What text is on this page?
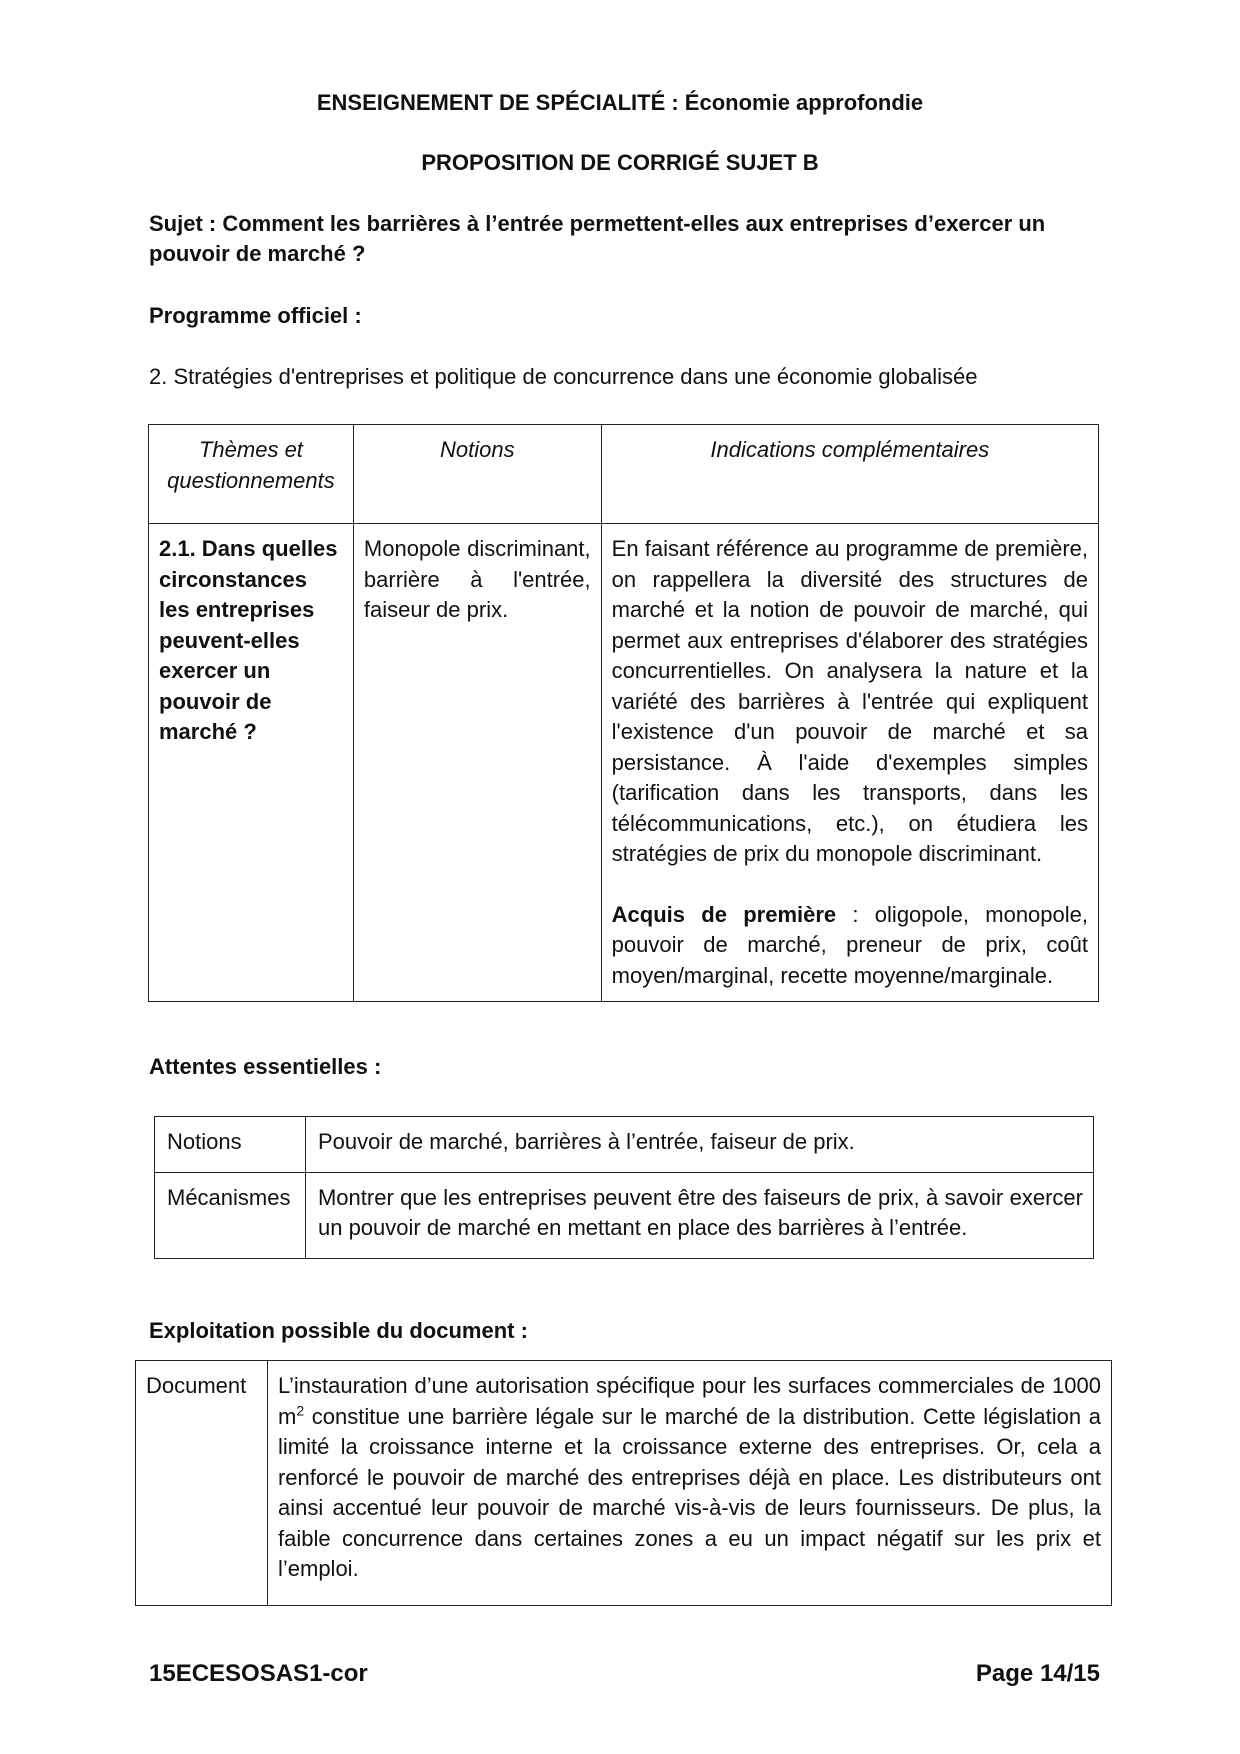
ENSEIGNEMENT DE SPÉCIALITÉ : Économie approfondie
PROPOSITION DE CORRIGÉ SUJET B
Sujet : Comment les barrières à l’entrée permettent-elles aux entreprises d’exercer un pouvoir de marché ?
Programme officiel :
2. Stratégies d'entreprises et politique de concurrence dans une économie globalisée
Thèmes et questionnements	Notions	Indications complémentaires
2.1. Dans quelles circonstances les entreprises peuvent-elles exercer un pouvoir de marché ?	Monopole discriminant, barrière à l'entrée, faiseur de prix.	En faisant référence au programme de première, on rappellera la diversité des structures de marché et la notion de pouvoir de marché, qui permet aux entreprises d'élaborer des stratégies concurrentielles. On analysera la nature et la variété des barrières à l'entrée qui expliquent l'existence d'un pouvoir de marché et sa persistance. À l'aide d'exemples simples (tarification dans les transports, dans les télécommunications, etc.), on étudiera les stratégies de prix du monopole discriminant.
Acquis de première : oligopole, monopole, pouvoir de marché, preneur de prix, coût moyen/marginal, recette moyenne/marginale.
Attentes essentielles :
Notions	Pouvoir de marché, barrières à l’entrée, faiseur de prix.
Mécanismes	Montrer que les entreprises peuvent être des faiseurs de prix, à savoir exercer un pouvoir de marché en mettant en place des barrières à l’entrée.
Exploitation possible du document :
Document	L’instauration d’une autorisation spécifique pour les surfaces commerciales de 1000 $m^2$ constitue une barrière légale sur le marché de la distribution. Cette législation a limité la croissance interne et la croissance externe des entreprises. Or, cela a renforcé le pouvoir de marché des entreprises déjà en place. Les distributeurs ont ainsi accentué leur pouvoir de marché vis-à-vis de leurs fournisseurs. De plus, la faible concurrence dans certaines zones a eu un impact négatif sur les prix et l’emploi.
15ECESOSAS1-cor	Page 14/15
